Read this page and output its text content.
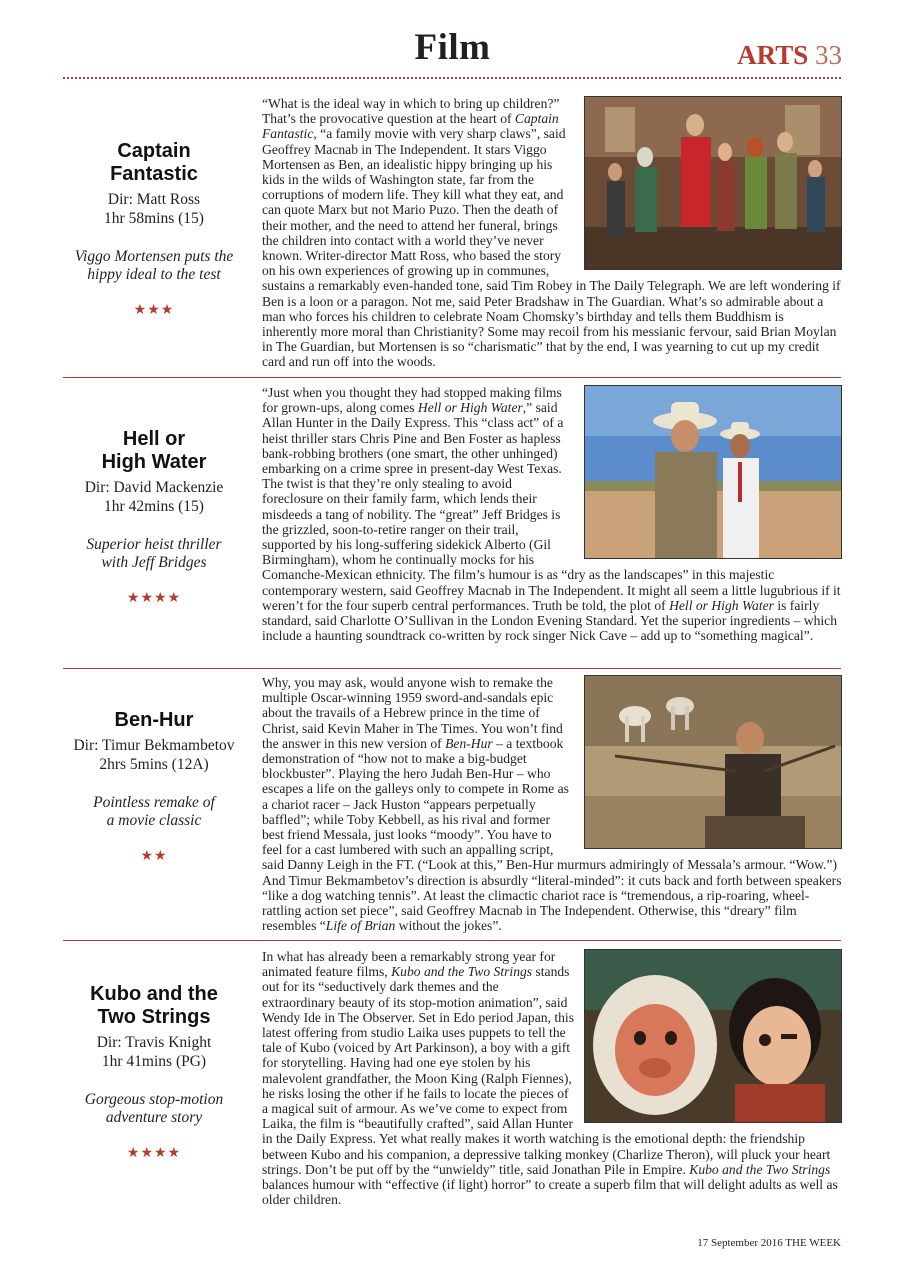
Film	ARTS 33
Captain
Fantastic
Dir: Matt Ross
1hr 58mins (15)
Viggo Mortensen puts the
hippy ideal to the test
★★★

“What is the ideal way in which to bring up children?” That’s the provocative question at the heart of Captain Fantastic, “a family movie with very sharp claws”, said Geoffrey Macnab in The Independent. It stars Viggo Mortensen as Ben, an idealistic hippy bringing up his kids in the wilds of Washington state, far from the corruptions of modern life. They kill what they eat, and can quote Marx but not Mario Puzo. Then the death of their mother, and the need to attend her funeral, brings the children into contact with a world they’ve never known. Writer-director Matt Ross, who based the story on his own experiences of growing up in communes, sustains a remarkably even-handed tone, said Tim Robey in The Daily Telegraph. We are left wondering if Ben is a loon or a paragon. Not me, said Peter Bradshaw in The Guardian. What’s so admirable about a man who forces his children to celebrate Noam Chomsky’s birthday and tells them Buddhism is inherently more moral than Christianity? Some may recoil from his messianic fervour, said Brian Moylan in The Guardian, but Mortensen is so “charismatic” that by the end, I was yearning to cut up my credit card and run off into the woods.

Hell or
High Water
Dir: David Mackenzie
1hr 42mins (15)
Superior heist thriller
with Jeff Bridges
★★★★

“Just when you thought they had stopped making films for grown-ups, along comes Hell or High Water,” said Allan Hunter in the Daily Express. This “class act” of a heist thriller stars Chris Pine and Ben Foster as hapless bank-robbing brothers (one smart, the other unhinged) embarking on a crime spree in present-day West Texas. The twist is that they’re only stealing to avoid foreclosure on their family farm, which lends their misdeeds a tang of nobility. The “great” Jeff Bridges is the grizzled, soon-to-retire ranger on their trail, supported by his long-suffering sidekick Alberto (Gil Birmingham), whom he continually mocks for his Comanche-Mexican ethnicity. The film’s humour is as “dry as the landscapes” in this majestic contemporary western, said Geoffrey Macnab in The Independent. It might all seem a little lugubrious if it weren’t for the four superb central performances. Truth be told, the plot of Hell or High Water is fairly standard, said Charlotte O’Sullivan in the London Evening Standard. Yet the superior ingredients – which include a haunting soundtrack co-written by rock singer Nick Cave – add up to “something magical”.

Ben-Hur
Dir: Timur Bekmambetov
2hrs 5mins (12A)
Pointless remake of
a movie classic
★★

Why, you may ask, would anyone wish to remake the multiple Oscar-winning 1959 sword-and-sandals epic about the travails of a Hebrew prince in the time of Christ, said Kevin Maher in The Times. You won’t find the answer in this new version of Ben-Hur – a textbook demonstration of “how not to make a big-budget blockbuster”. Playing the hero Judah Ben-Hur – who escapes a life on the galleys only to compete in Rome as a chariot racer – Jack Huston “appears perpetually baffled”; while Toby Kebbell, as his rival and former best friend Messala, just looks “moody”. You have to feel for a cast lumbered with such an appalling script, said Danny Leigh in the FT. (“Look at this,” Ben-Hur murmurs admiringly of Messala’s armour. “Wow.”) And Timur Bekmambetov’s direction is absurdly “literal-minded”: it cuts back and forth between speakers “like a dog watching tennis”. At least the climactic chariot race is “tremendous, a rip-roaring, wheel-rattling action set piece”, said Geoffrey Macnab in The Independent. Otherwise, this “dreary” film resembles “Life of Brian without the jokes”.

Kubo and the
Two Strings
Dir: Travis Knight
1hr 41mins (PG)
Gorgeous stop-motion
adventure story
★★★★

In what has already been a remarkably strong year for animated feature films, Kubo and the Two Strings stands out for its “seductively dark themes and the extraordinary beauty of its stop-motion animation”, said Wendy Ide in The Observer. Set in Edo period Japan, this latest offering from studio Laika uses puppets to tell the tale of Kubo (voiced by Art Parkinson), a boy with a gift for storytelling. Having had one eye stolen by his malevolent grandfather, the Moon King (Ralph Fiennes), he risks losing the other if he fails to locate the pieces of a magical suit of armour. As we’ve come to expect from Laika, the film is “beautifully crafted”, said Allan Hunter in the Daily Express. Yet what really makes it worth watching is the emotional depth: the friendship between Kubo and his companion, a depressive talking monkey (Charlize Theron), will pluck your heart strings. Don’t be put off by the “unwieldy” title, said Jonathan Pile in Empire. Kubo and the Two Strings balances humour with “effective (if light) horror” to create a superb film that will delight adults as well as older children.

17 September 2016 THE WEEK
